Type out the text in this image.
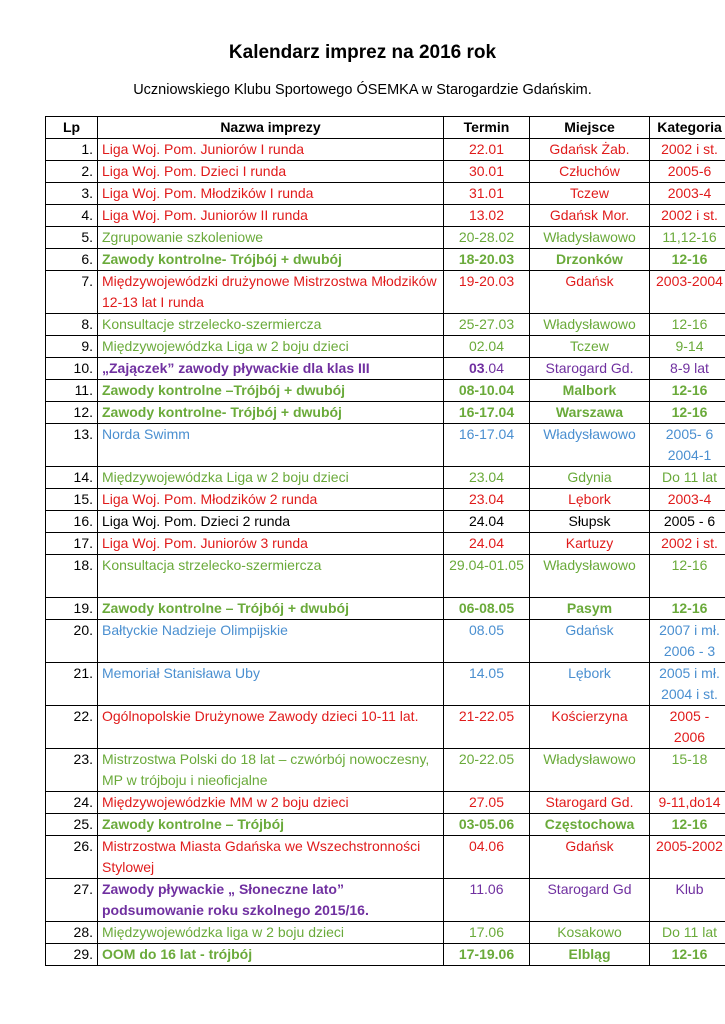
Kalendarz imprez na 2016 rok

Uczniowskiego Klubu Sportowego ÓSEMKA w Starogardzie Gdańskim.

Lp	Nazwa imprezy	Termin	Miejsce	Kategoria
1.	Liga Woj. Pom. Juniorów I runda	22.01	Gdańsk Żab.	2002 i st.
2.	Liga Woj. Pom. Dzieci I runda	30.01	Człuchów	2005-6
3.	Liga Woj. Pom. Młodzików I runda	31.01	Tczew	2003-4
4.	Liga Woj. Pom. Juniorów II runda	13.02	Gdańsk Mor.	2002 i st.
5.	Zgrupowanie szkoleniowe	20-28.02	Władysławowo	11,12-16
6.	Zawody kontrolne- Trójbój + dwubój	18-20.03	Drzonków	12-16
7.	Międzywojewódzki drużynowe Mistrzostwa Młodzików 12-13 lat I runda	19-20.03	Gdańsk	2003-2004
8.	Konsultacje strzelecko-szermiercza	25-27.03	Władysławowo	12-16
9.	Międzywojewódzka Liga w 2 boju dzieci	02.04	Tczew	9-14
10.	„Zajączek” zawody pływackie dla klas III	03.04	Starogard Gd.	8-9 lat
11.	Zawody kontrolne –Trójbój + dwubój	08-10.04	Malbork	12-16
12.	Zawody kontrolne- Trójbój + dwubój	16-17.04	Warszawa	12-16
13.	Norda Swimm	16-17.04	Władysławowo	2005- 6 2004-1
14.	Międzywojewódzka Liga w 2 boju dzieci	23.04	Gdynia	Do 11 lat
15.	Liga Woj. Pom. Młodzików 2 runda	23.04	Lębork	2003-4
16.	Liga Woj. Pom. Dzieci 2 runda	24.04	Słupsk	2005 - 6
17.	Liga Woj. Pom. Juniorów 3 runda	24.04	Kartuzy	2002 i st.
18.	Konsultacja strzelecko-szermiercza	29.04-01.05	Władysławowo	12-16
19.	Zawody kontrolne – Trójbój + dwubój	06-08.05	Pasym	12-16
20.	Bałtyckie Nadzieje Olimpijskie	08.05	Gdańsk	2007 i mł. 2006 - 3
21.	Memoriał Stanisława Uby	14.05	Lębork	2005 i mł. 2004 i st.
22.	Ogólnopolskie Drużynowe Zawody dzieci 10-11 lat.	21-22.05	Kościerzyna	2005 - 2006
23.	Mistrzostwa Polski do 18 lat – czwórbój nowoczesny, MP w trójboju i nieoficjalne	20-22.05	Władysławowo	15-18
24.	Międzywojewódzkie MM w 2 boju dzieci	27.05	Starogard Gd.	9-11,do14
25.	Zawody kontrolne – Trójbój	03-05.06	Częstochowa	12-16
26.	Mistrzostwa Miasta Gdańska we Wszechstronności Stylowej	04.06	Gdańsk	2005-2002
27.	Zawody pływackie „ Słoneczne lato” podsumowanie roku szkolnego 2015/16.	11.06	Starogard Gd	Klub
28.	Międzywojewódzka liga w 2 boju dzieci	17.06	Kosakowo	Do 11 lat
29.	OOM do 16 lat - trójbój	17-19.06	Elbląg	12-16
